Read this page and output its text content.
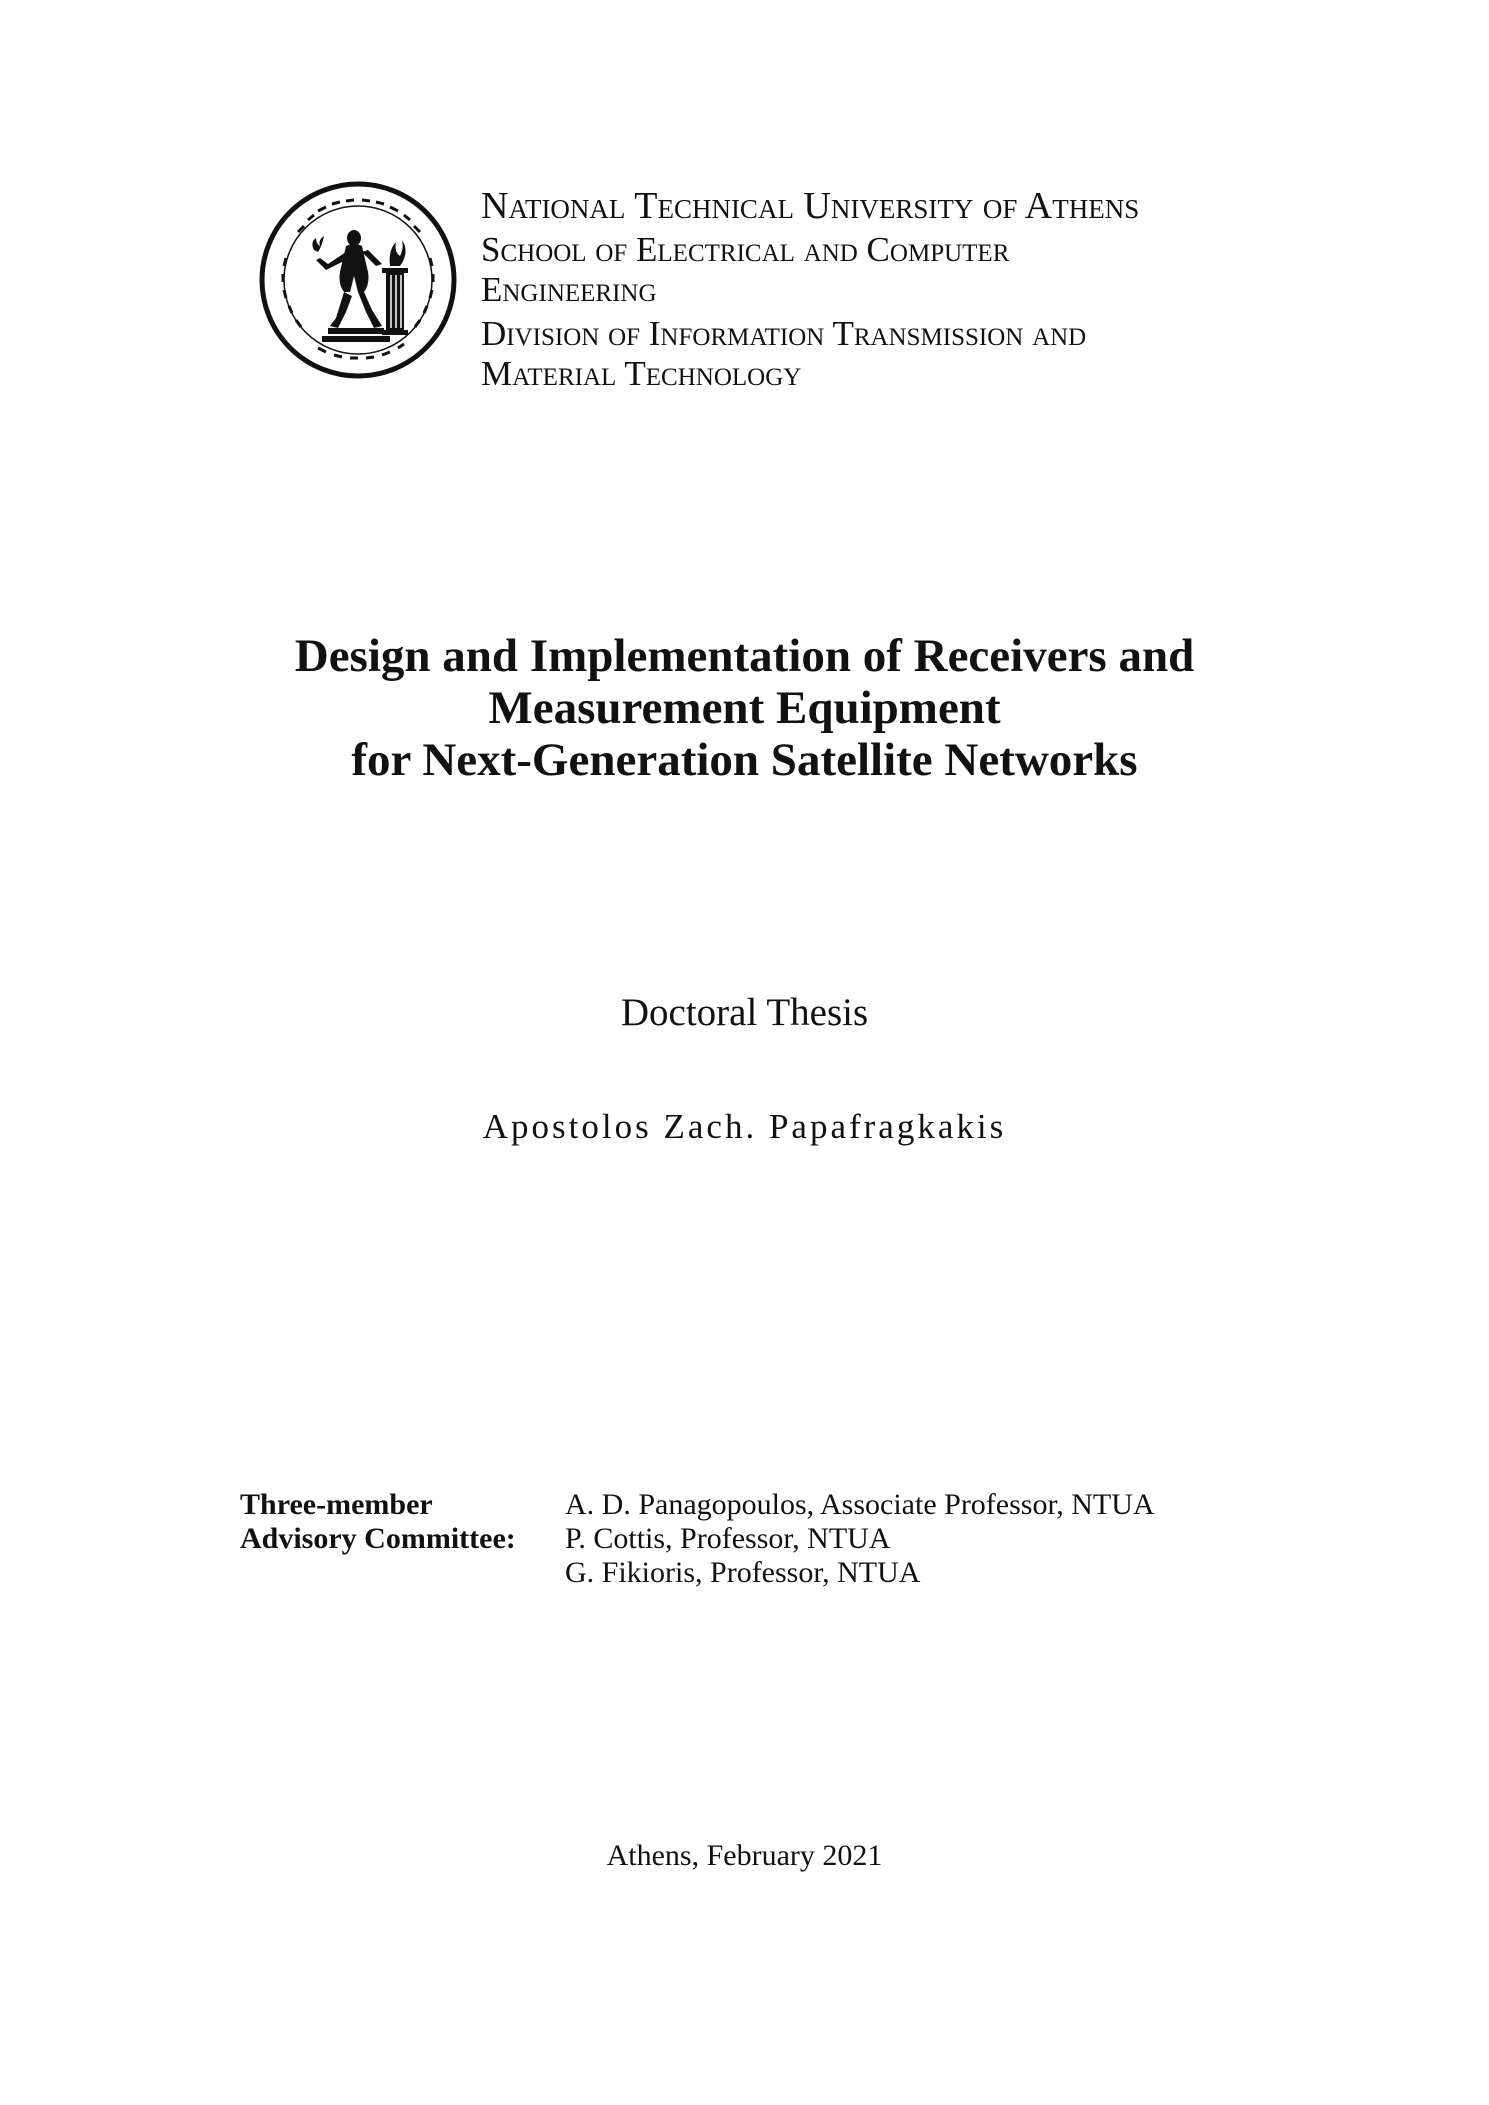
National Technical University of Athens
School of Electrical and Computer Engineering
Division of Information Transmission and Material Technology
Design and Implementation of Receivers and
Measurement Equipment
for Next-Generation Satellite Networks
Doctoral Thesis
Apostolos Zach. Papafragkakis
Three-member
Advisory Committee:
A. D. Panagopoulos, Associate Professor, NTUA
P. Cottis, Professor, NTUA
G. Fikioris, Professor, NTUA
Athens, February 2021
